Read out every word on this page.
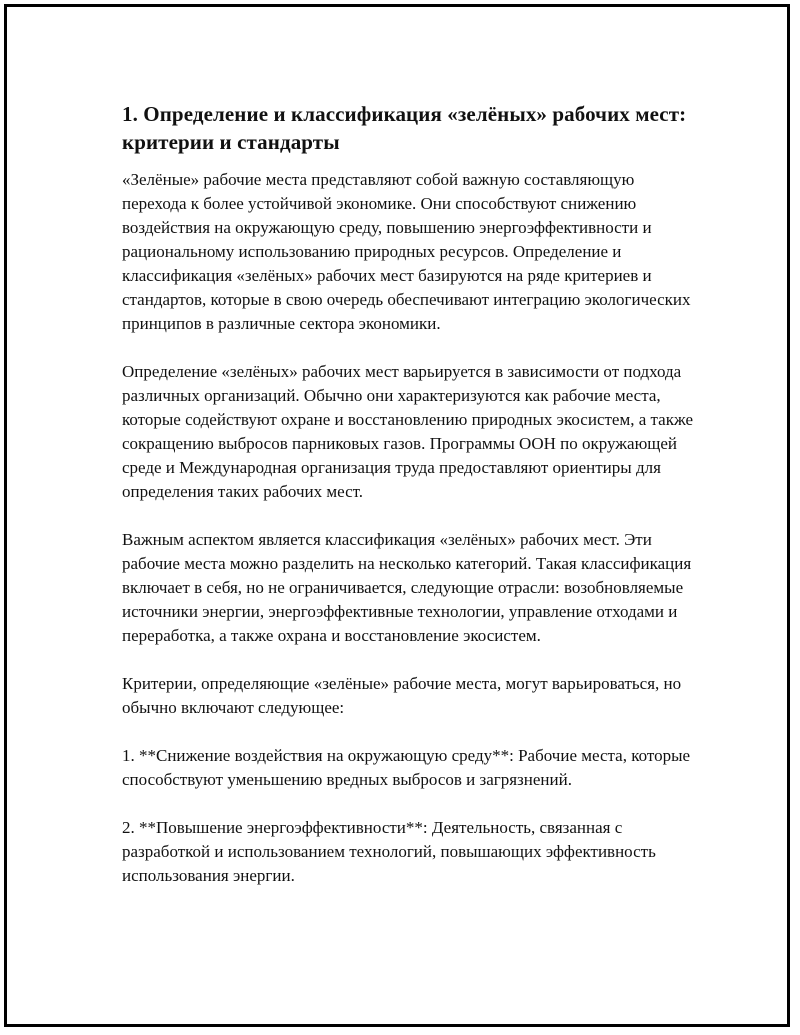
1. Определение и классификация «зелёных» рабочих мест: критерии и стандарты

«Зелёные» рабочие места представляют собой важную составляющую перехода к более устойчивой экономике. Они способствуют снижению воздействия на окружающую среду, повышению энергоэффективности и рациональному использованию природных ресурсов. Определение и классификация «зелёных» рабочих мест базируются на ряде критериев и стандартов, которые в свою очередь обеспечивают интеграцию экологических принципов в различные сектора экономики.

Определение «зелёных» рабочих мест варьируется в зависимости от подхода различных организаций. Обычно они характеризуются как рабочие места, которые содействуют охране и восстановлению природных экосистем, а также сокращению выбросов парниковых газов. Программы ООН по окружающей среде и Международная организация труда предоставляют ориентиры для определения таких рабочих мест.

Важным аспектом является классификация «зелёных» рабочих мест. Эти рабочие места можно разделить на несколько категорий. Такая классификация включает в себя, но не ограничивается, следующие отрасли: возобновляемые источники энергии, энергоэффективные технологии, управление отходами и переработка, а также охрана и восстановление экосистем.

Критерии, определяющие «зелёные» рабочие места, могут варьироваться, но обычно включают следующее:

1. **Снижение воздействия на окружающую среду**: Рабочие места, которые способствуют уменьшению вредных выбросов и загрязнений.

2. **Повышение энергоэффективности**: Деятельность, связанная с разработкой и использованием технологий, повышающих эффективность использования энергии.
